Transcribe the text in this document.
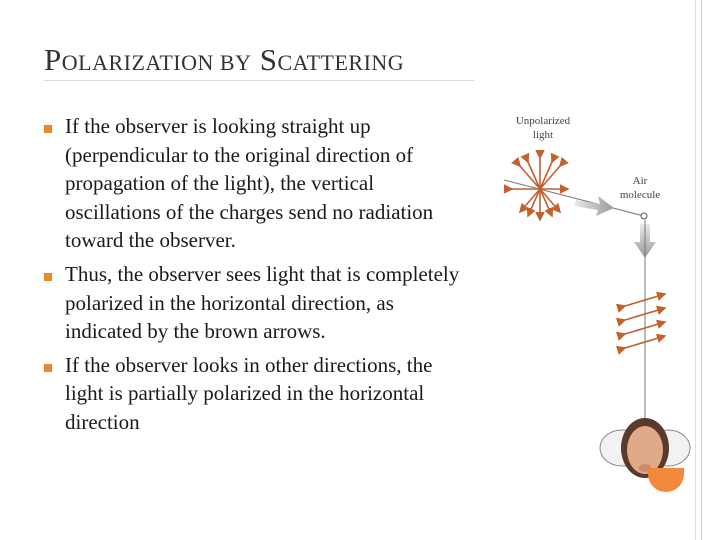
POLARIZATION BY SCATTERING
If the observer is looking straight up (perpendicular to the original direction of propagation of the light), the vertical oscillations of the charges send no radiation toward the observer.
Thus, the observer sees light that is completely polarized in the horizontal direction, as indicated by the brown arrows.
If the observer looks in other directions, the light is partially polarized in the horizontal direction
Unpolarized
light
Air
molecule
